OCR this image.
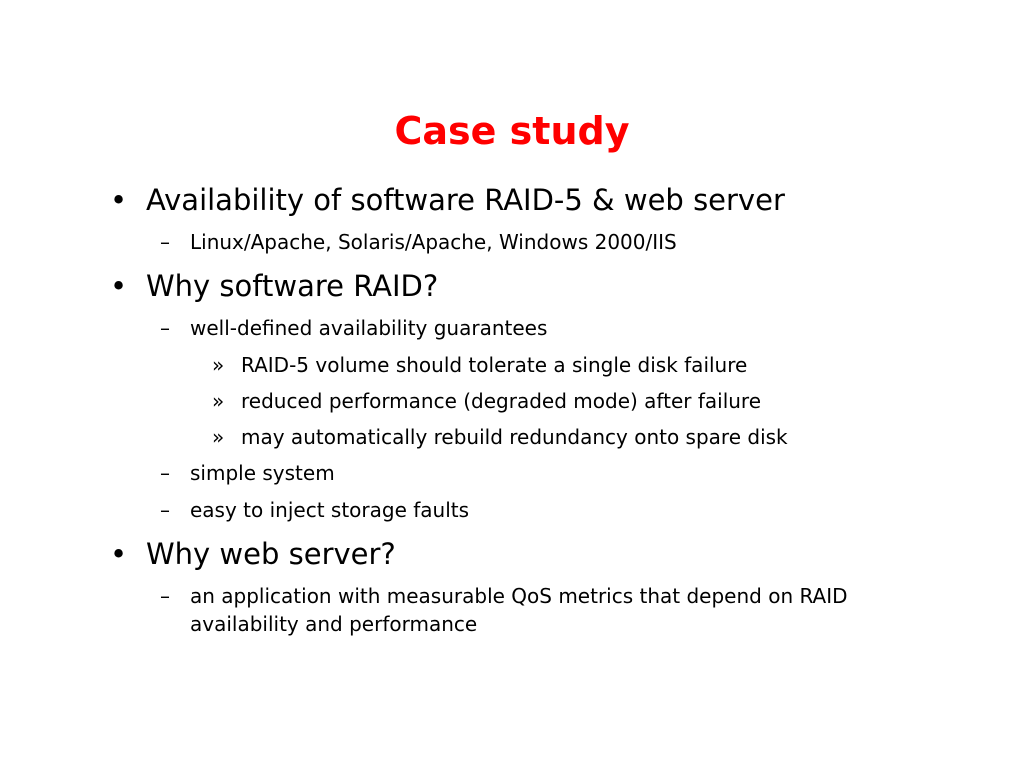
Case study
• Availability of software RAID-5 & web server
– Linux/Apache, Solaris/Apache, Windows 2000/IIS
• Why software RAID?
– well-defined availability guarantees
» RAID-5 volume should tolerate a single disk failure
» reduced performance (degraded mode) after failure
» may automatically rebuild redundancy onto spare disk
– simple system
– easy to inject storage faults
• Why web server?
– an application with measurable QoS metrics that depend on RAID availability and performance
